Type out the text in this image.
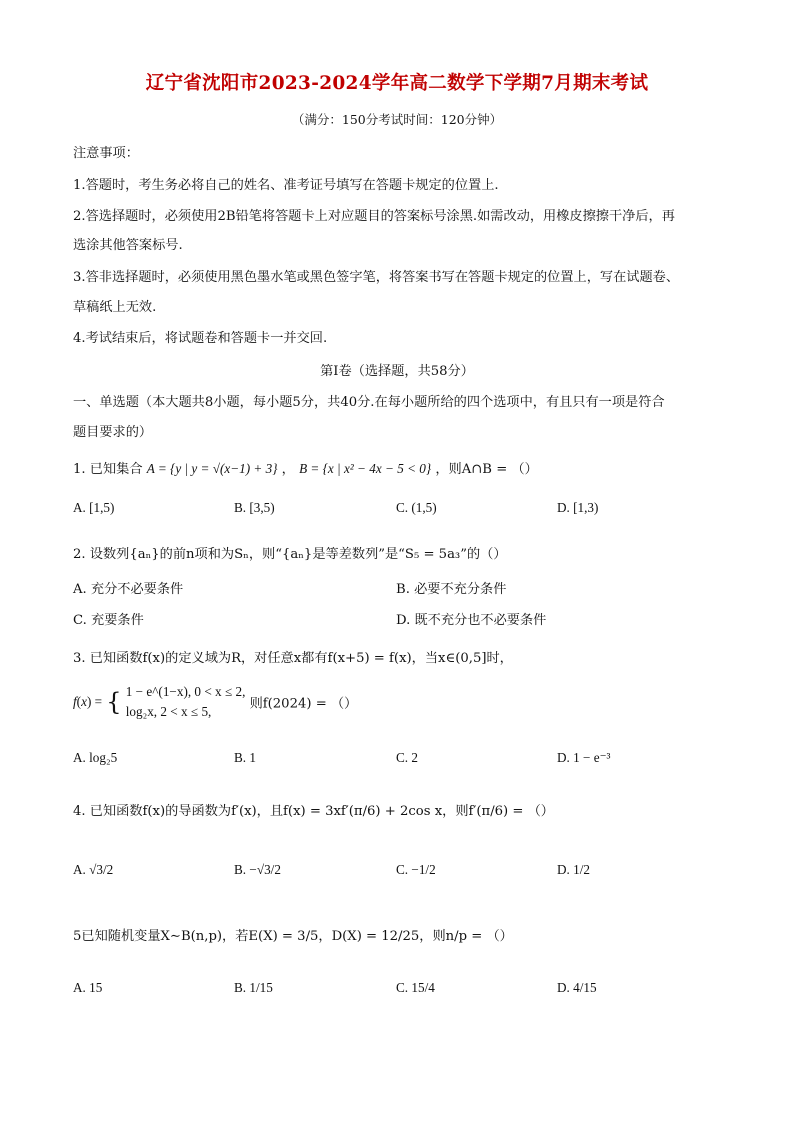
辽宁省沈阳市2023-2024学年高二数学下学期7月期末考试
（满分：150分考试时间：120分钟）
注意事项：
1.答题时，考生务必将自己的姓名、准考证号填写在答题卡规定的位置上.
2.答选择题时，必须使用2B铅笔将答题卡上对应题目的答案标号涂黑.如需改动，用橡皮擦擦干净后，再
选涂其他答案标号.
3.答非选择题时，必须使用黑色墨水笔或黑色签字笔，将答案书写在答题卡规定的位置上，写在试题卷、
草稿纸上无效.
4.考试结束后，将试题卷和答题卡一并交回.
第Ⅰ卷（选择题，共58分）
一、单选题（本大题共8小题，每小题5分，共40分.在每小题所给的四个选项中，有且只有一项是符合
题目要求的）
1. 已知集合 A = {y | y = √(x−1) + 3} ， B = {x | x² − 4x − 5 < 0} ，则A∩B = （）
A. [1,5)	B. [3,5)	C. (1,5)	D. [1,3)
2. 设数列{aₙ}的前n项和为Sₙ，则“{aₙ}是等差数列”是“S₅ = 5a₃”的（）
A. 充分不必要条件	B. 必要不充分条件
C. 充要条件	D. 既不充分也不必要条件
3. 已知函数f(x)的定义域为R，对任意x都有f(x+5) = f(x)，当x∈(0,5]时，
f(x) = { 1 − e^(1−x), 0 < x ≤ 2,
log₂x, 2 < x ≤ 5,	则f(2024) = （）
A. log₂5	B. 1	C. 2	D. 1 − e⁻³
4. 已知函数f(x)的导函数为f′(x)，且f(x) = 3xf′(π/6) + 2cos x，则f′(π/6) = （）
A. √3/2	B. −√3/2	C. −1/2	D. 1/2
5已知随机变量X∼B(n,p)，若E(X) = 3/5，D(X) = 12/25，则n/p = （）
A. 15	B. 1/15	C. 15/4	D. 4/15
